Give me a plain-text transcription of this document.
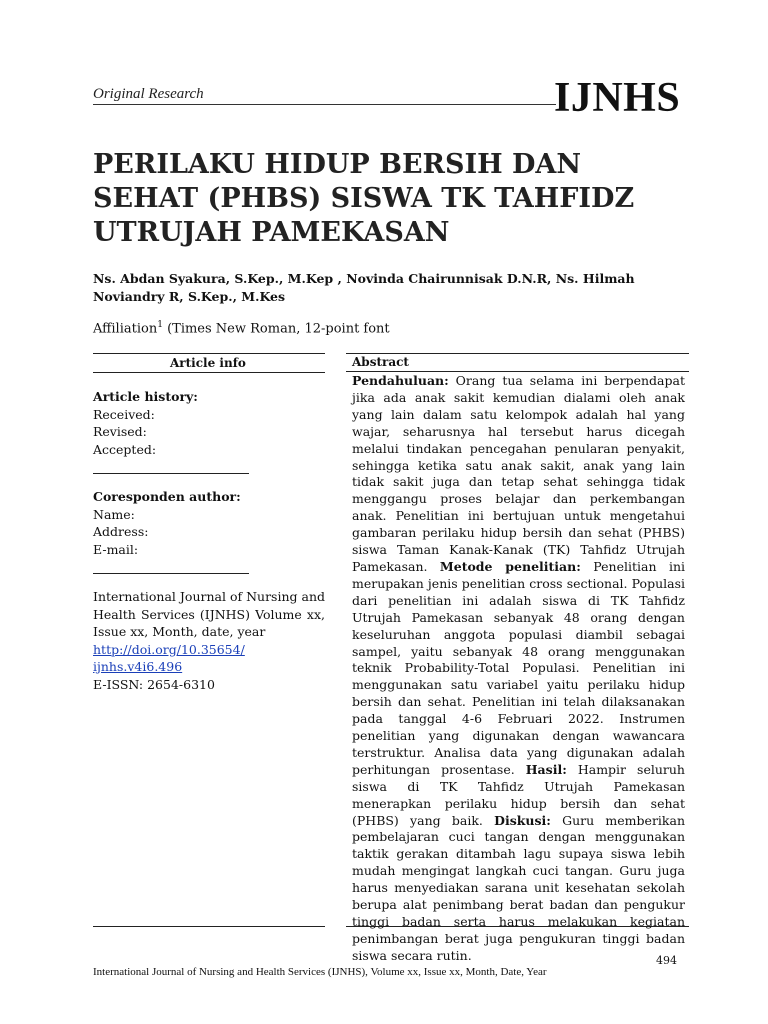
Original Research	IJNHS
PERILAKU HIDUP BERSIH DAN SEHAT (PHBS) SISWA TK TAHFIDZ UTRUJAH PAMEKASAN
Ns. Abdan Syakura, S.Kep., M.Kep , Novinda Chairunnisak D.N.R, Ns. Hilmah Noviandry R, S.Kep., M.Kes
Affiliation$^1$ (Times New Roman, 12-point font
Article info	Abstract
Article history:
Received:
Revised:
Accepted:
Coresponden author:
Name:
Address:
E-mail:
International Journal of Nursing and Health Services (IJNHS) Volume xx, Issue xx, Month, date, year
http://doi.org/10.35654/
ijnhs.v4i6.496
E-ISSN: 2654-6310
Pendahuluan: Orang tua selama ini berpendapat jika ada anak sakit kemudian dialami oleh anak yang lain dalam satu kelompok adalah hal yang wajar, seharusnya hal tersebut harus dicegah melalui tindakan pencegahan penularan penyakit, sehingga ketika satu anak sakit, anak yang lain tidak sakit juga dan tetap sehat sehingga tidak menggangu proses belajar dan perkembangan anak. Penelitian ini bertujuan untuk mengetahui gambaran perilaku hidup bersih dan sehat (PHBS) siswa Taman Kanak-Kanak (TK) Tahfidz Utrujah Pamekasan. Metode penelitian: Penelitian ini merupakan jenis penelitian cross sectional. Populasi dari penelitian ini adalah siswa di TK Tahfidz Utrujah Pamekasan sebanyak 48 orang dengan keseluruhan anggota populasi diambil sebagai sampel, yaitu sebanyak 48 orang menggunakan teknik Probability-Total Populasi. Penelitian ini menggunakan satu variabel yaitu perilaku hidup bersih dan sehat. Penelitian ini telah dilaksanakan pada tanggal 4-6 Februari 2022. Instrumen penelitian yang digunakan dengan wawancara terstruktur. Analisa data yang digunakan adalah perhitungan prosentase. Hasil: Hampir seluruh siswa di TK Tahfidz Utrujah Pamekasan menerapkan perilaku hidup bersih dan sehat (PHBS) yang baik. Diskusi: Guru memberikan pembelajaran cuci tangan dengan menggunakan taktik gerakan ditambah lagu supaya siswa lebih mudah mengingat langkah cuci tangan. Guru juga harus menyediakan sarana unit kesehatan sekolah berupa alat penimbang berat badan dan pengukur tinggi badan serta harus melakukan kegiatan penimbangan berat juga pengukuran tinggi badan siswa secara rutin.	494
International Journal of Nursing and Health Services (IJNHS), Volume xx, Issue xx, Month, Date, Year
